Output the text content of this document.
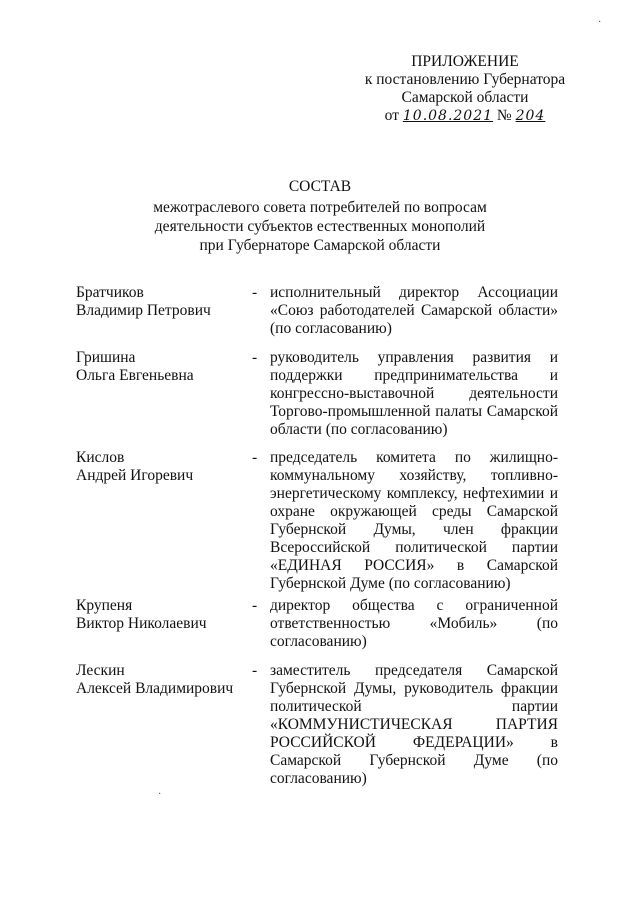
ПРИЛОЖЕНИЕ
к постановлению Губернатора
Самарской области
от 10.08.2021 № 204
СОСТАВ
межотраслевого совета потребителей по вопросам
деятельности субъектов естественных монополий
при Губернаторе Самарской области
Братчиков
Владимир Петрович
- исполнительный директор Ассоциации
«Союз работодателей Самарской области»
(по согласованию)
Гришина
Ольга Евгеньевна
- руководитель управления развития и
поддержки предпринимательства и
конгрессно-выставочной деятельности
Торгово-промышленной палаты Самарской
области (по согласованию)
Кислов
Андрей Игоревич
- председатель комитета по жилищно-
коммунальному хозяйству, топливно-
энергетическому комплексу, нефтехимии и
охране окружающей среды Самарской
Губернской Думы, член фракции
Всероссийской политической партии
«ЕДИНАЯ РОССИЯ» в Самарской
Губернской Думе (по согласованию)
Крупеня
Виктор Николаевич
- директор общества с ограниченной
ответственностью «Мобиль» (по
согласованию)
Лескин
Алексей Владимирович
- заместитель председателя Самарской
Губернской Думы, руководитель фракции
политической партии
«КОММУНИСТИЧЕСКАЯ ПАРТИЯ
РОССИЙСКОЙ ФЕДЕРАЦИИ» в
Самарской Губернской Думе (по
согласованию)
·
·
